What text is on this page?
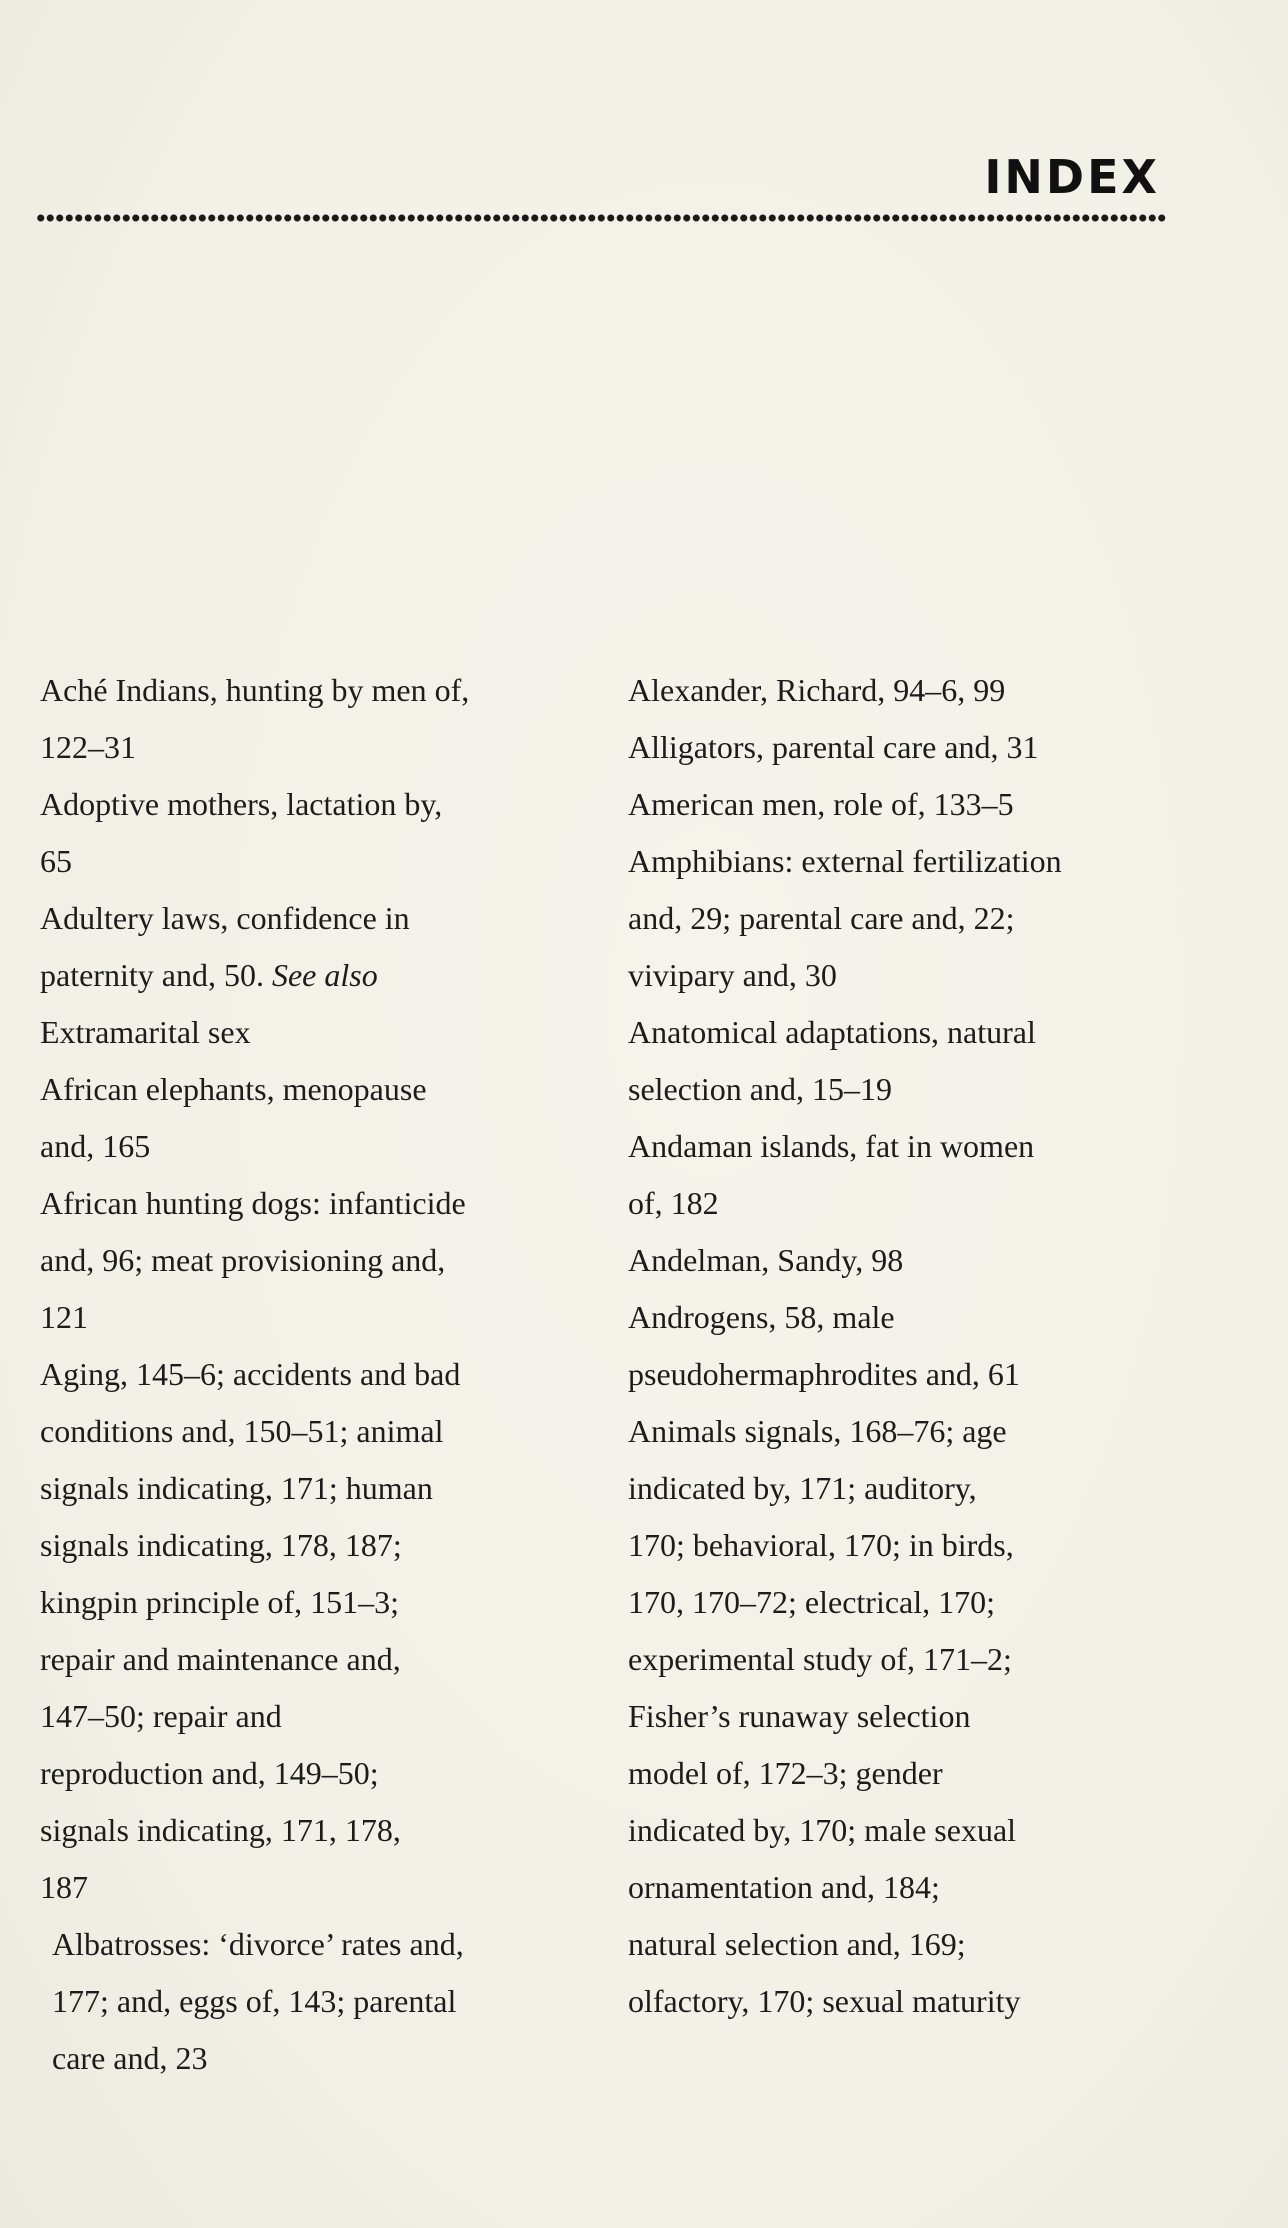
INDEX
Aché Indians, hunting by men of,
122–31
Adoptive mothers, lactation by,
65
Adultery laws, confidence in
paternity and, 50. See also
Extramarital sex
African elephants, menopause
and, 165
African hunting dogs: infanticide
and, 96; meat provisioning and,
121
Aging, 145–6; accidents and bad
conditions and, 150–51; animal
signals indicating, 171; human
signals indicating, 178, 187;
kingpin principle of, 151–3;
repair and maintenance and,
147–50; repair and
reproduction and, 149–50;
signals indicating, 171, 178,
187
Albatrosses: ‘divorce’ rates and,
177; and, eggs of, 143; parental
care and, 23
Alexander, Richard, 94–6, 99
Alligators, parental care and, 31
American men, role of, 133–5
Amphibians: external fertilization
and, 29; parental care and, 22;
vivipary and, 30
Anatomical adaptations, natural
selection and, 15–19
Andaman islands, fat in women
of, 182
Andelman, Sandy, 98
Androgens, 58, male
pseudohermaphrodites and, 61
Animals signals, 168–76; age
indicated by, 171; auditory,
170; behavioral, 170; in birds,
170, 170–72; electrical, 170;
experimental study of, 171–2;
Fisher’s runaway selection
model of, 172–3; gender
indicated by, 170; male sexual
ornamentation and, 184;
natural selection and, 169;
olfactory, 170; sexual maturity
